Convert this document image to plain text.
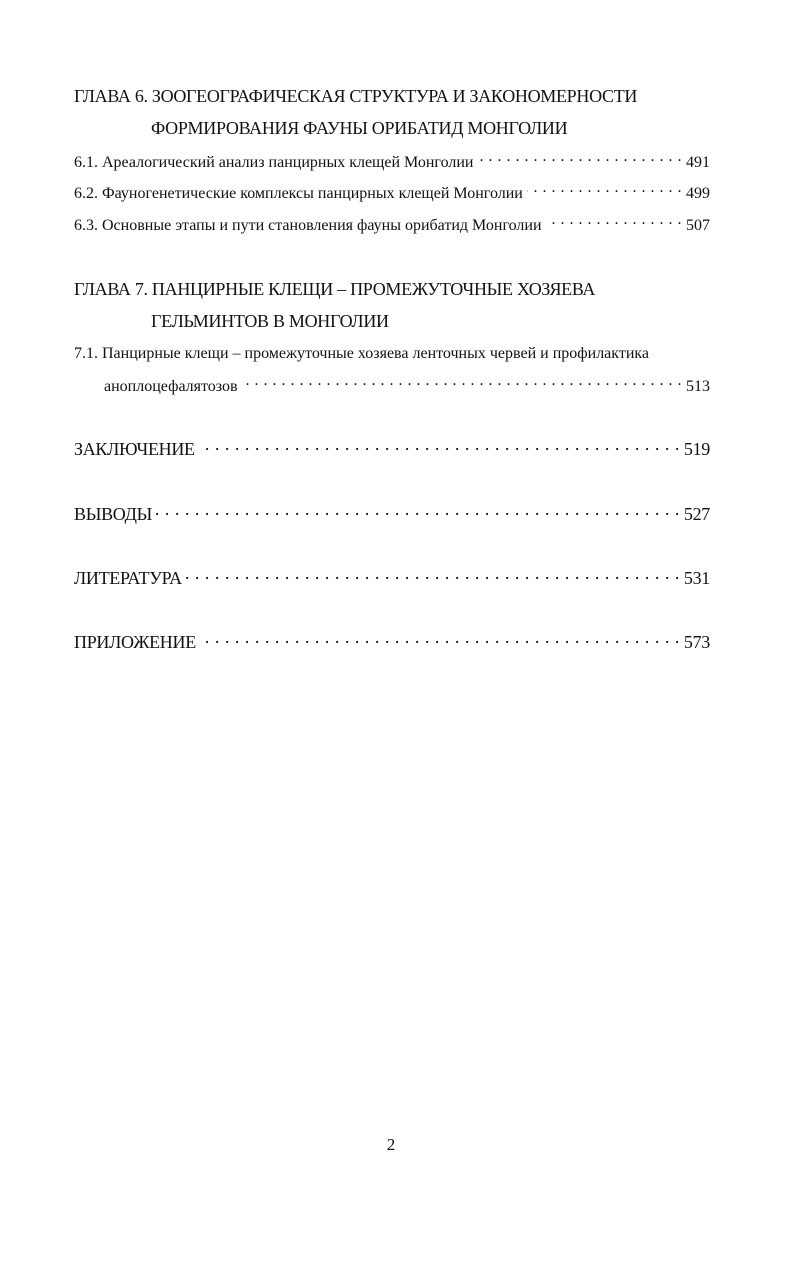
ГЛАВА 6. ЗООГЕОГРАФИЧЕСКАЯ СТРУКТУРА И ЗАКОНОМЕРНОСТИ
ФОРМИРОВАНИЯ ФАУНЫ ОРИБАТИД МОНГОЛИИ
6.1. Ареалогический анализ панцирных клещей Монголии . . .	491
6.2. Фауногенетические комплексы панцирных клещей Монголии . . .	499
6.3. Основные этапы и пути становления фауны орибатид Монголии . . .	507
ГЛАВА 7. ПАНЦИРНЫЕ КЛЕЩИ – ПРОМЕЖУТОЧНЫЕ ХОЗЯЕВА
ГЕЛЬМИНТОВ В МОНГОЛИИ
7.1. Панцирные клещи – промежуточные хозяева ленточных червей и профилактика
аноплоцефалятозов . . .	513
ЗАКЛЮЧЕНИЕ . . .	519
ВЫВОДЫ . . .	527
ЛИТЕРАТУРА . . .	531
ПРИЛОЖЕНИЕ . . .	573
2
